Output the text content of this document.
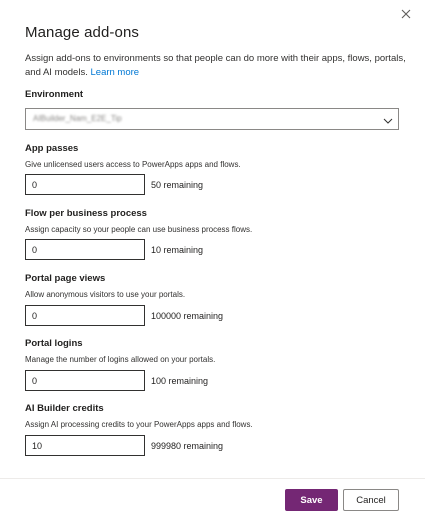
Manage add-ons
Assign add-ons to environments so that people can do more with their apps, flows, portals, and AI models. Learn more
Environment
AIBuilder_Nam_E2E_Tip
App passes
Give unlicensed users access to PowerApps apps and flows.
0
50 remaining
Flow per business process
Assign capacity so your people can use business process flows.
0
10 remaining
Portal page views
Allow anonymous visitors to use your portals.
0
100000 remaining
Portal logins
Manage the number of logins allowed on your portals.
0
100 remaining
AI Builder credits
Assign AI processing credits to your PowerApps apps and flows.
10
999980 remaining
Save	Cancel
